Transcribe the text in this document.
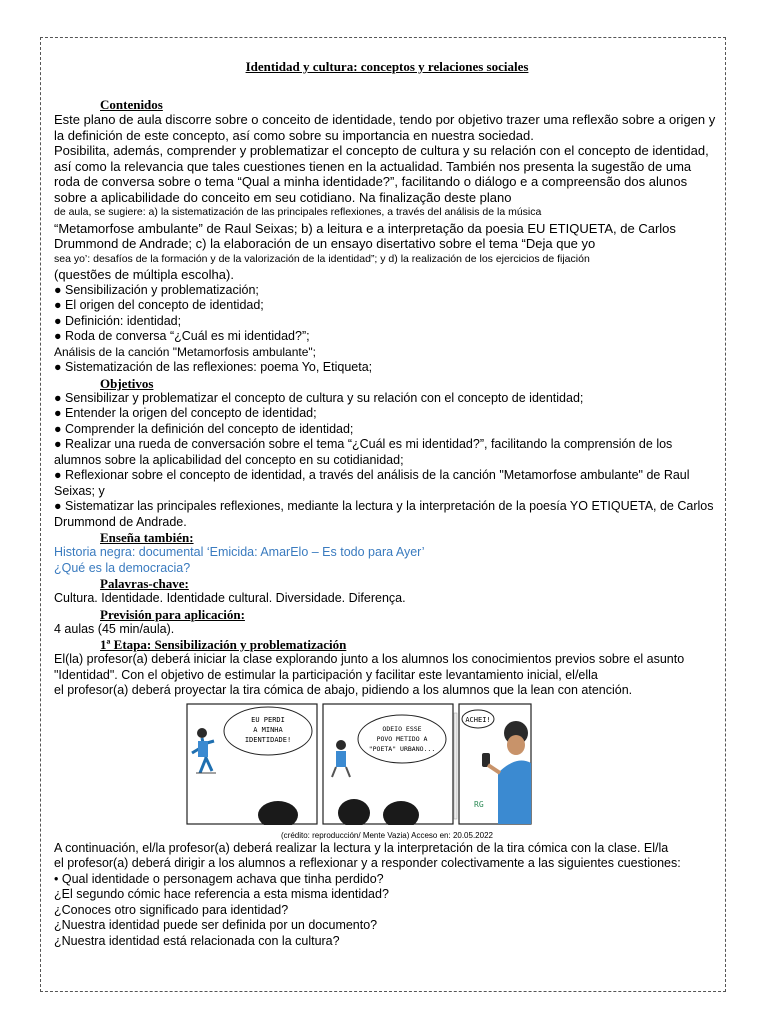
Identidad y cultura: conceptos y relaciones sociales
Contenidos

Este plano de aula discorre sobre o conceito de identidade, tendo por objetivo trazer uma reflexão sobre a origen y la definición de este concepto, así como sobre su importancia en nuestra sociedad.

Posibilita, además, comprender y problematizar el concepto de cultura y su relación con el concepto de identidad, así como la relevancia que tales cuestiones tienen en la actualidad. También nos presenta la sugestão de uma roda de conversa sobre o tema “Qual a minha identidade?”, facilitando o diálogo e a compreensão dos alunos sobre a aplicabilidade do conceito em seu cotidiano. Na finalização deste plano

de aula, se sugiere: a) la sistematización de las principales reflexiones, a través del análisis de la música

“Metamorfose ambulante” de Raul Seixas; b) a leitura e a interpretação da poesia EU ETIQUETA, de Carlos Drummond de Andrade; c) la elaboración de un ensayo disertativo sobre el tema “Deja que yo

sea yo’: desafíos de la formación y de la valorización de la identidad”; y d) la realización de los ejercicios de fijación

(questões de múltipla escolha).

● Sensibilización y problematización;

● El origen del concepto de identidad;

● Definición: identidad;

● Roda de conversa “¿Cuál es mi identidad?”;

Análisis de la canción "Metamorfosis ambulante";

● Sistematización de las reflexiones: poema Yo, Etiqueta;

Objetivos

● Sensibilizar y problematizar el concepto de cultura y su relación con el concepto de identidad;

● Entender la origen del concepto de identidad;

● Comprender la definición del concepto de identidad;

● Realizar una rueda de conversación sobre el tema “¿Cuál es mi identidad?”, facilitando la comprensión de los alumnos sobre la aplicabilidad del concepto en su cotidianidad;

● Reflexionar sobre el concepto de identidad, a través del análisis de la canción "Metamorfose ambulante" de Raul Seixas; y

● Sistematizar las principales reflexiones, mediante la lectura y la interpretación de la poesía YO ETIQUETA, de Carlos Drummond de Andrade.

Enseña también:

Historia negra: documental ‘Emicida: AmarElo – Es todo para Ayer’

¿Qué es la democracia?

Palavras-chave:

Cultura. Identidade. Identidade cultural. Diversidade. Diferença.

Previsión para aplicación:

4 aulas (45 min/aula).

1ª Etapa: Sensibilización y problematización

El(la) profesor(a) deberá iniciar la clase explorando junto a los alumnos los conocimientos previos sobre el asunto "Identidad". Con el objetivo de estimular la participación y facilitar este levantamiento inicial, el/ella

el profesor(a) deberá proyectar la tira cómica de abajo, pidiendo a los alumnos que la lean con atención.

EU PERDI
A MINHA
IDENTIDADE!
ODEIO ESSE
POVO METIDO A
"POETA" URBANO...
ACHEI!
RG
(crédito: reproducción/ Mente Vazia) Acceso en: 20.05.2022

A continuación, el/la profesor(a) deberá realizar la lectura y la interpretación de la tira cómica con la clase. El/la

el profesor(a) deberá dirigir a los alumnos a reflexionar y a responder colectivamente a las siguientes cuestiones:

• Qual identidade o personagem achava que tinha perdido?

¿El segundo cómic hace referencia a esta misma identidad?

¿Conoces otro significado para identidad?

¿Nuestra identidad puede ser definida por un documento?

¿Nuestra identidad está relacionada con la cultura?
